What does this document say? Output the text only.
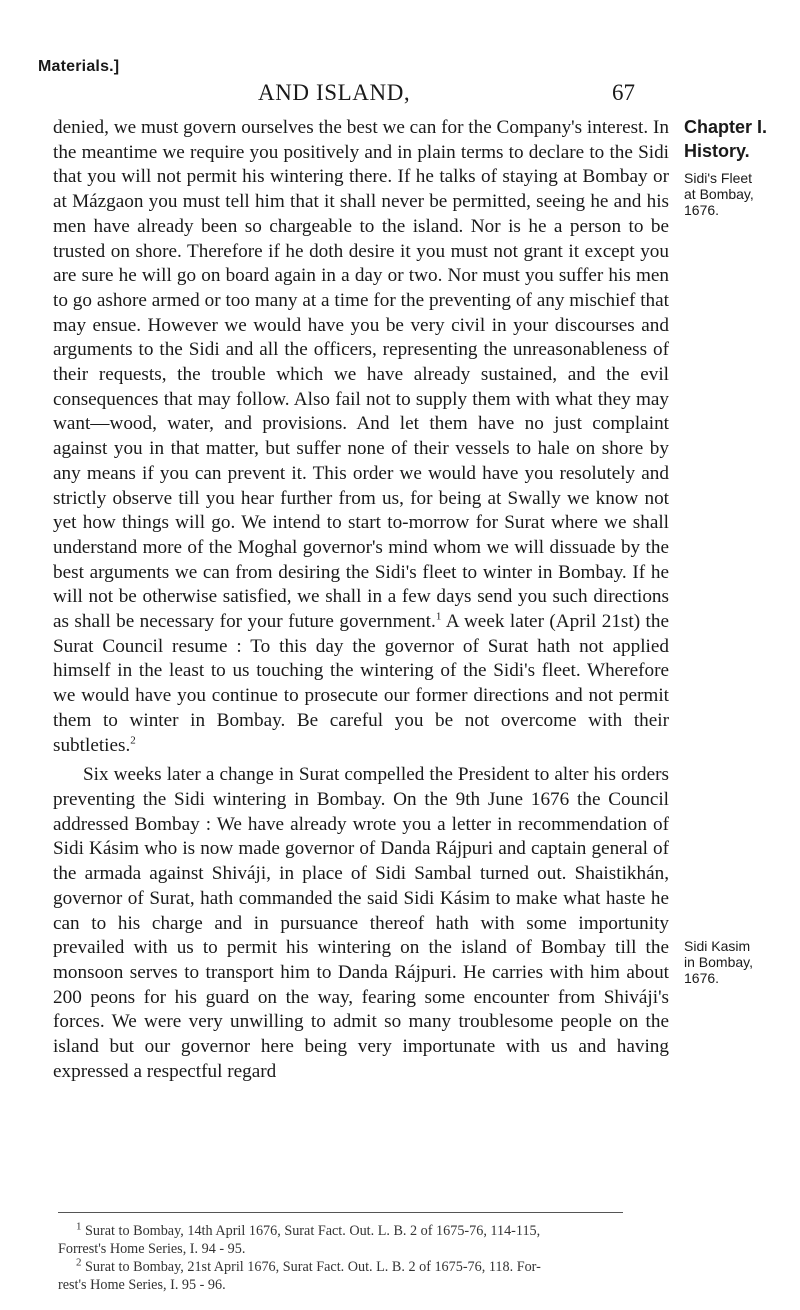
Materials.]
AND ISLAND,	67

denied, we must govern ourselves the best we can for the Company's interest. In the meantime we require you positively and in plain terms to declare to the Sidi that you will not permit his wintering there. If he talks of staying at Bombay or at Mázgaon you must tell him that it shall never be permitted, seeing he and his men have already been so chargeable to the island. Nor is he a person to be trusted on shore. Therefore if he doth desire it you must not grant it except you are sure he will go on board again in a day or two. Nor must you suffer his men to go ashore armed or too many at a time for the preventing of any mischief that may ensue. However we would have you be very civil in your discourses and arguments to the Sidi and all the officers, representing the unreasonableness of their requests, the trouble which we have already sustained, and the evil consequences that may follow. Also fail not to supply them with what they may want—wood, water, and provisions. And let them have no just complaint against you in that matter, but suffer none of their vessels to hale on shore by any means if you can prevent it. This order we would have you resolutely and strictly observe till you hear further from us, for being at Swally we know not yet how things will go. We intend to start to-morrow for Surat where we shall understand more of the Moghal governor's mind whom we will dissuade by the best arguments we can from desiring the Sidi's fleet to winter in Bombay. If he will not be otherwise satisfied, we shall in a few days send you such directions as shall be necessary for your future government.$^1$ A week later (April 21st) the Surat Council resume : To this day the governor of Surat hath not applied himself in the least to us touching the wintering of the Sidi's fleet. Wherefore we would have you continue to prosecute our former directions and not permit them to winter in Bombay. Be careful you be not overcome with their subtleties.$^2$

Six weeks later a change in Surat compelled the President to alter his orders preventing the Sidi wintering in Bombay. On the 9th June 1676 the Council addressed Bombay : We have already wrote you a letter in recommendation of Sidi Kásim who is now made governor of Danda Rájpuri and captain general of the armada against Shiváji, in place of Sidi Sambal turned out. Shaistikhán, governor of Surat, hath commanded the said Sidi Kásim to make what haste he can to his charge and in pursuance thereof hath with some importunity prevailed with us to permit his wintering on the island of Bombay till the monsoon serves to transport him to Danda Rájpuri. He carries with him about 200 peons for his guard on the way, fearing some encounter from Shiváji's forces. We were very unwilling to admit so many troublesome people on the island but our governor here being very importunate with us and having expressed a respectful regard

Chapter I.
History.
Sidi's Fleet
at Bombay,
1676.
Sidi Kasim
in Bombay,
1676.

$^1$ Surat to Bombay, 14th April 1676, Surat Fact. Out. L. B. 2 of 1675-76, 114-115,

Forrest's Home Series, I. 94 - 95.

$^2$ Surat to Bombay, 21st April 1676, Surat Fact. Out. L. B. 2 of 1675-76, 118. For-

rest's Home Series, I. 95 - 96.
